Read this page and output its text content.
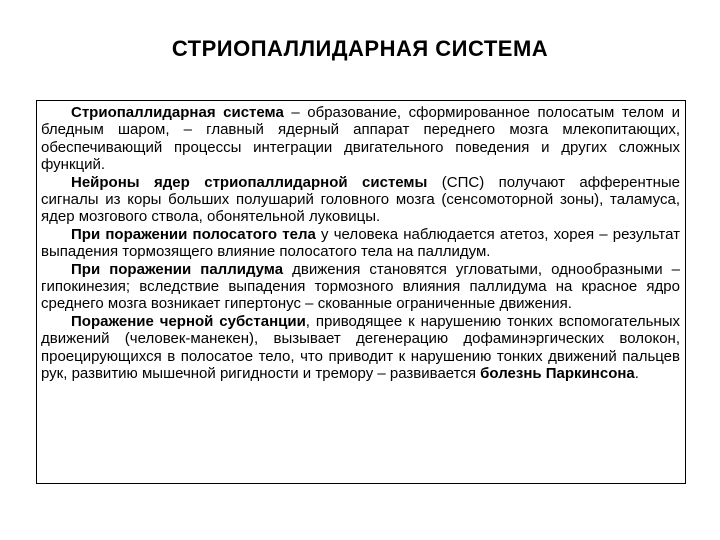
СТРИОПАЛЛИДАРНАЯ СИСТЕМА

Стриопаллидарная система – образование, сформированное полосатым телом и бледным шаром, – главный ядерный аппарат переднего мозга млекопитающих, обеспечивающий процессы интеграции двигательного поведения и других сложных функций.

Нейроны ядер стриопаллидарной системы (СПС) получают афферентные сигналы из коры больших полушарий головного мозга (сенсомоторной зоны), таламуса, ядер мозгового ствола, обонятельной луковицы.

При поражении полосатого тела у человека наблюдается атетоз, хорея – результат выпадения тормозящего влияние полосатого тела на паллидум.

При поражении паллидума движения становятся угловатыми, однообразными – гипокинезия; вследствие выпадения тормозного влияния паллидума на красное ядро среднего мозга возникает гипертонус – скованные ограниченные движения.

Поражение черной субстанции, приводящее к нарушению тонких вспомогательных движений (человек-манекен), вызывает дегенерацию дофаминэргических волокон, проецирующихся в полосатое тело, что приводит к нарушению тонких движений пальцев рук, развитию мышечной ригидности и тремору – развивается болезнь Паркинсона.
